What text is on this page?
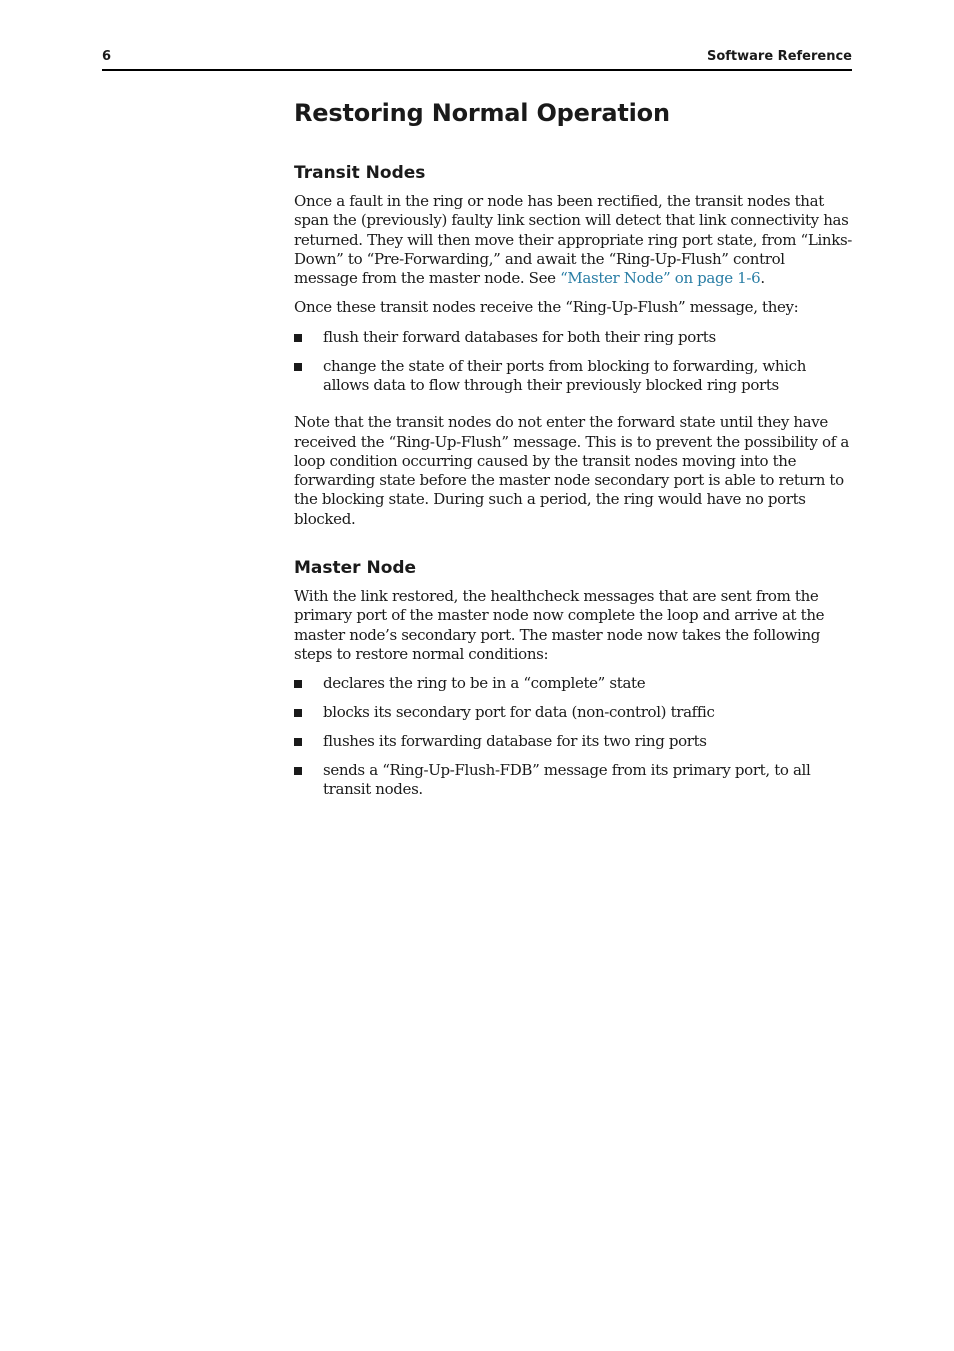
6	Software Reference
Restoring Normal Operation
Transit Nodes

Once a fault in the ring or node has been rectified, the transit nodes that span the (previously) faulty link section will detect that link connectivity has returned. They will then move their appropriate ring port state, from “Links-Down” to “Pre-Forwarding,” and await the “Ring-Up-Flush” control message from the master node. See “Master Node” on page 1-6.

Once these transit nodes receive the “Ring-Up-Flush” message, they:

flush their forward databases for both their ring ports
change the state of their ports from blocking to forwarding, which allows data to flow through their previously blocked ring ports

Note that the transit nodes do not enter the forward state until they have received the “Ring-Up-Flush” message. This is to prevent the possibility of a loop condition occurring caused by the transit nodes moving into the forwarding state before the master node secondary port is able to return to the blocking state. During such a period, the ring would have no ports blocked.

Master Node

With the link restored, the healthcheck messages that are sent from the primary port of the master node now complete the loop and arrive at the master node’s secondary port. The master node now takes the following steps to restore normal conditions:

declares the ring to be in a “complete” state
blocks its secondary port for data (non-control) traffic
flushes its forwarding database for its two ring ports
sends a “Ring-Up-Flush-FDB” message from its primary port, to all transit nodes.
